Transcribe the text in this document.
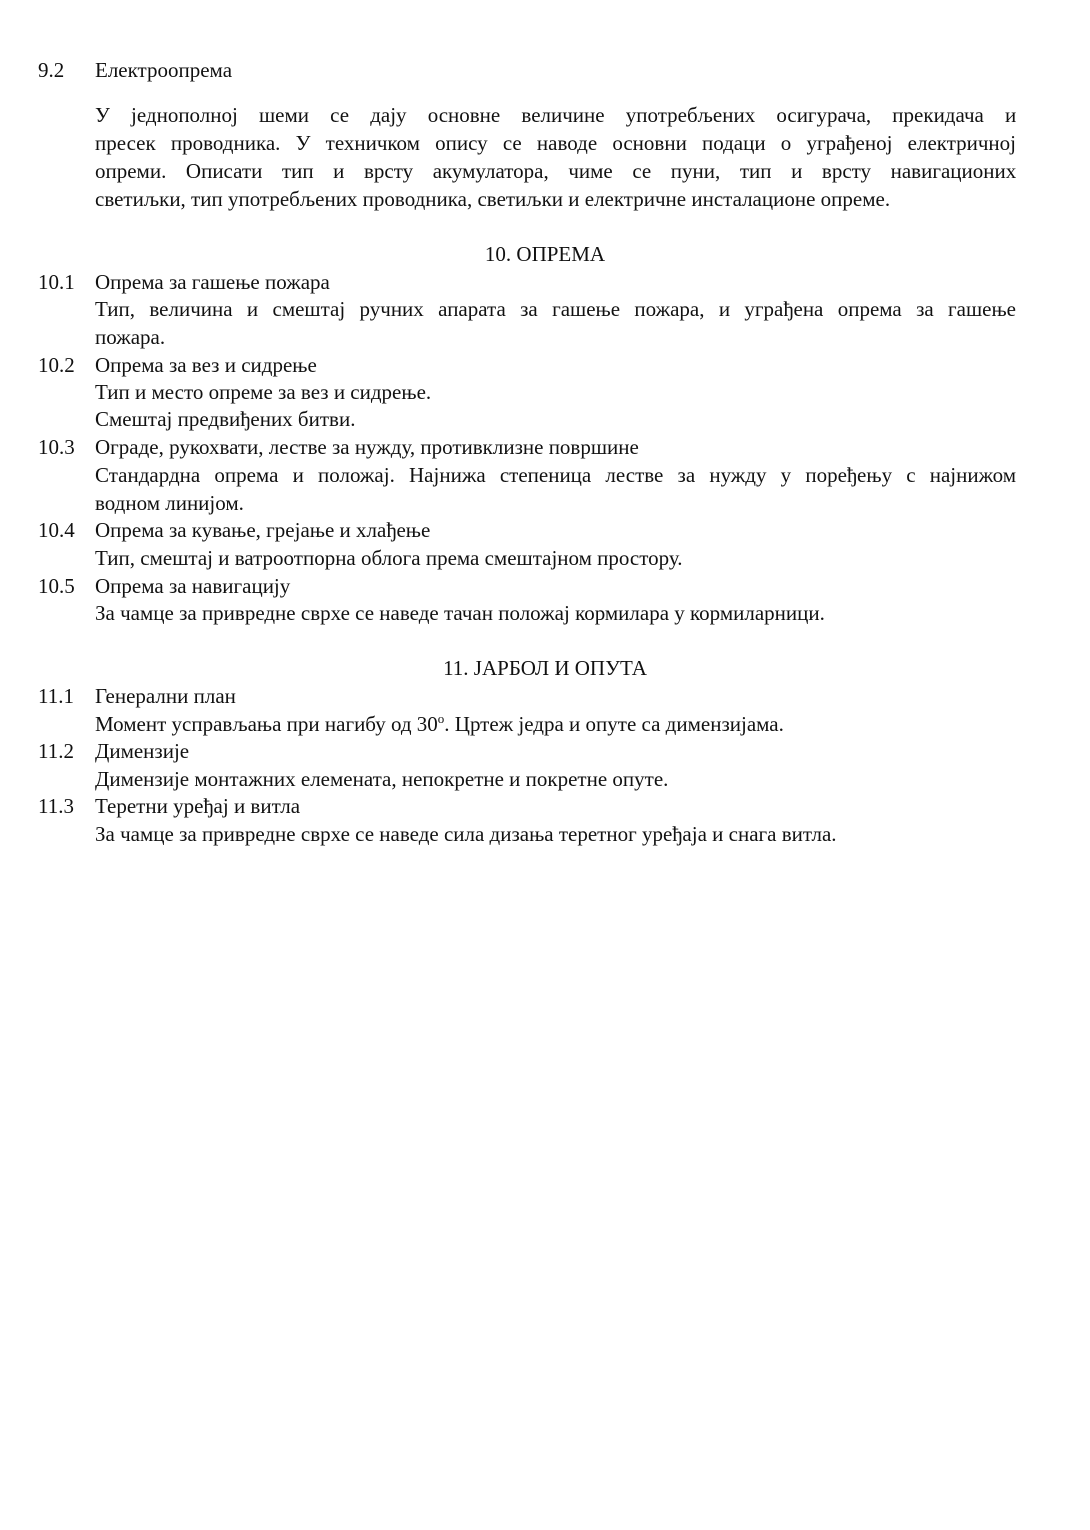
9.2 Електроопрема
У једнополној шеми се дају основне величине употребљених осигурача, прекидача и
пресек проводника. У техничком опису се наводе основни подаци о уграђеној електричној
опреми. Описати тип и врсту акумулатора, чиме се пуни, тип и врсту навигационих
светиљки, тип употребљених проводника, светиљки и електричне инсталационе опреме.
10. ОПРЕМА
10.1 Опрема за гашење пожара
Тип, величина и смештај ручних апарата за гашење пожара, и уграђена опрема за гашење
пожара.
10.2 Опрема за вез и сидрење
Тип и место опреме за вез и сидрење.
Смештај предвиђених битви.
10.3 Ограде, рукохвати, лестве за нужду, противклизне површине
Стандардна опрема и положај. Најнижа степеница лестве за нужду у поређењу с најнижом
водном линијом.
10.4 Опрема за кување, грејање и хлађење
Тип, смештај и ватроотпорна облога према смештајном простору.
10.5 Опрема за навигацију
За чамце за привредне сврхе се наведе тачан положај кормилара у кормиларници.
11. ЈАРБОЛ И ОПУТА
11.1 Генерални план
Момент усправљања при нагибу од 30$^o$. Цртеж једра и опуте са димензијама.
11.2 Димензије
Димензије монтажних елемената, непокретне и покретне опуте.
11.3 Теретни уређај и витла
За чамце за привредне сврхе се наведе сила дизања теретног уређаја и снага витла.
